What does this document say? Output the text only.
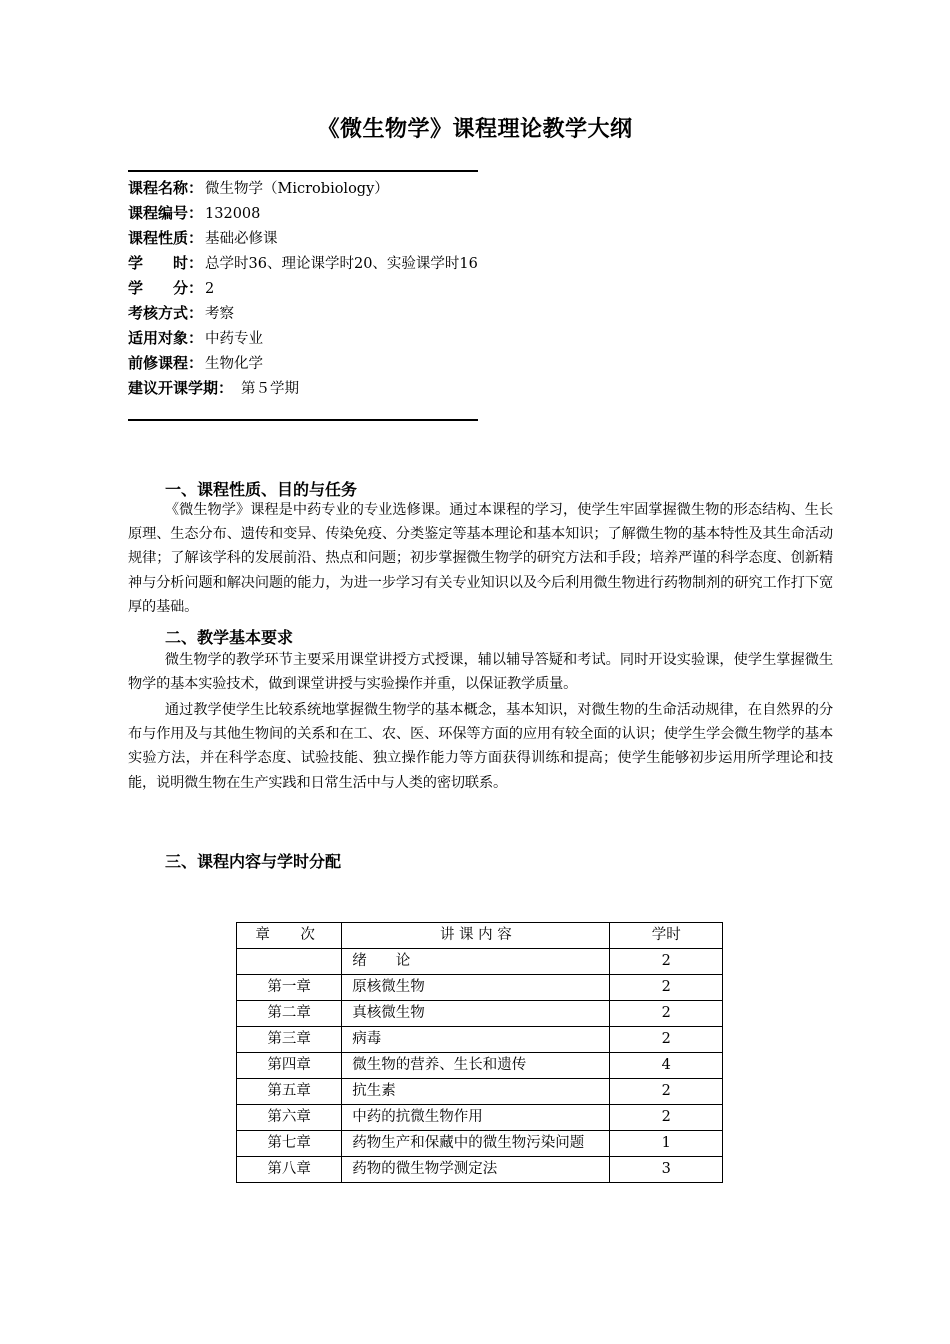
《微生物学》课程理论教学大纲
课程名称： 微生物学（Microbiology）
课程编号： 132008
课程性质： 基础必修课
学　　时： 总学时36、理论课学时20、实验课学时16
学　　分： 2
考核方式： 考察
适用对象： 中药专业
前修课程： 生物化学
建议开课学期： 第５学期
一、课程性质、目的与任务
《微生物学》课程是中药专业的专业选修课。通过本课程的学习，使学生牢固掌握微生物的形态结构、生长原理、生态分布、遗传和变异、传染免疫、分类鉴定等基本理论和基本知识；了解微生物的基本特性及其生命活动规律；了解该学科的发展前沿、热点和问题；初步掌握微生物学的研究方法和手段；培养严谨的科学态度、创新精神与分析问题和解决问题的能力，为进一步学习有关专业知识以及今后利用微生物进行药物制剂的研究工作打下宽厚的基础。
二、教学基本要求
微生物学的教学环节主要采用课堂讲授方式授课，辅以辅导答疑和考试。同时开设实验课，使学生掌握微生物学的基本实验技术，做到课堂讲授与实验操作并重，以保证教学质量。
通过教学使学生比较系统地掌握微生物学的基本概念，基本知识，对微生物的生命活动规律，在自然界的分布与作用及与其他生物间的关系和在工、农、医、环保等方面的应用有较全面的认识；使学生学会微生物学的基本实验方法，并在科学态度、试验技能、独立操作能力等方面获得训练和提高；使学生能够初步运用所学理论和技能，说明微生物在生产实践和日常生活中与人类的密切联系。
三、课程内容与学时分配
章　次	讲 课 内 容	学时
	绪　　论	2
第一章	原核微生物	2
第二章	真核微生物	2
第三章	病毒	2
第四章	微生物的营养、生长和遗传	4
第五章	抗生素	2
第六章	中药的抗微生物作用	2
第七章	药物生产和保藏中的微生物污染问题	1
第八章	药物的微生物学测定法	3
